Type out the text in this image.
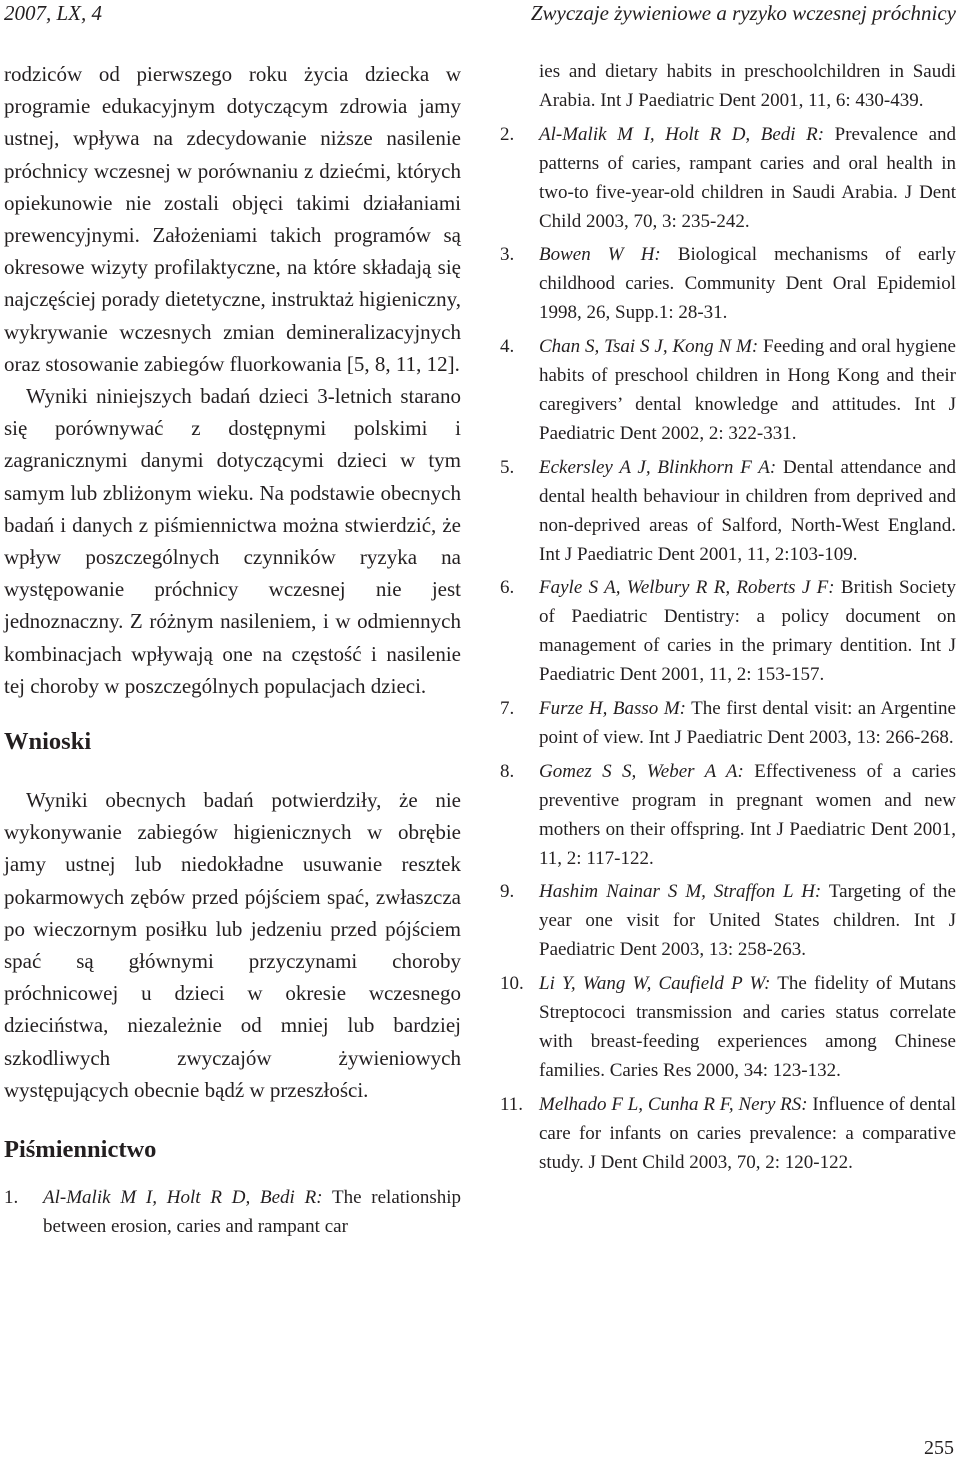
2007, LX, 4	Zwyczaje żywieniowe a ryzyko wczesnej próchnicy

rodziców od pierwszego roku życia dziecka w programie edukacyjnym dotyczącym zdrowia jamy ustnej, wpływa na zdecydowanie niższe nasilenie próchnicy wczesnej w porównaniu z dziećmi, których opiekunowie nie zostali objęci takimi działaniami prewencyjnymi. Założeniami takich programów są okresowe wizyty profilaktyczne, na które składają się najczęściej porady dietetyczne, instruktaż higieniczny, wykrywanie wczesnych zmian demineralizacyjnych oraz stosowanie zabiegów fluorkowania [5, 8, 11, 12].

Wyniki niniejszych badań dzieci 3-letnich starano się porównywać z dostępnymi polskimi i zagranicznymi danymi dotyczącymi dzieci w tym samym lub zbliżonym wieku. Na podstawie obecnych badań i danych z piśmiennictwa można stwierdzić, że wpływ poszczególnych czynników ryzyka na występowanie próchnicy wczesnej nie jest jednoznaczny. Z różnym nasileniem, i w odmiennych kombinacjach wpływają one na częstość i nasilenie tej choroby w poszczególnych populacjach dzieci.

Wnioski

Wyniki obecnych badań potwierdziły, że nie wykonywanie zabiegów higienicznych w obrębie jamy ustnej lub niedokładne usuwanie resztek pokarmowych zębów przed pójściem spać, zwłaszcza po wieczornym posiłku lub jedzeniu przed pójściem spać są głównymi przyczynami choroby próchnicowej u dzieci w okresie wczesnego dzieciństwa, niezależnie od mniej lub bardziej szkodliwych zwyczajów żywieniowych występujących obecnie bądź w przeszłości.

Piśmiennictwo
1. Al-Malik M I, Holt R D, Bedi R: The relationship between erosion, caries and rampant car
ies and dietary habits in preschoolchildren in Saudi Arabia. Int J Paediatric Dent 2001, 11, 6: 430-439.
2. Al-Malik M I, Holt R D, Bedi R: Prevalence and patterns of caries, rampant caries and oral health in two-to five-year-old children in Saudi Arabia. J Dent Child 2003, 70, 3: 235-242.
3. Bowen W H: Biological mechanisms of early childhood caries. Community Dent Oral Epidemiol 1998, 26, Supp.1: 28-31.
4. Chan S, Tsai S J, Kong N M: Feeding and oral hygiene habits of preschool children in Hong Kong and their caregivers’ dental knowledge and attitudes. Int J Paediatric Dent 2002, 2: 322-331.
5. Eckersley A J, Blinkhorn F A: Dental attendance and dental health behaviour in children from deprived and non-deprived areas of Salford, North-West England. Int J Paediatric Dent 2001, 11, 2:103-109.
6. Fayle S A, Welbury R R, Roberts J F: British Society of Paediatric Dentistry: a policy document on management of caries in the primary dentition. Int J Paediatric Dent 2001, 11, 2: 153-157.
7. Furze H, Basso M: The first dental visit: an Argentine point of view. Int J Paediatric Dent 2003, 13: 266-268.
8. Gomez S S, Weber A A: Effectiveness of a caries preventive program in pregnant women and new mothers on their offspring. Int J Paediatric Dent 2001, 11, 2: 117-122.
9. Hashim Nainar S M, Straffon L H: Targeting of the year one visit for United States children. Int J Paediatric Dent 2003, 13: 258-263.
10. Li Y, Wang W, Caufield P W: The fidelity of Mutans Streptococi transmission and caries status correlate with breast-feeding experiences among Chinese families. Caries Res 2000, 34: 123-132.
11. Melhado F L, Cunha R F, Nery RS: Influence of dental care for infants on caries prevalence: a comparative study. J Dent Child 2003, 70, 2: 120-122.
255
